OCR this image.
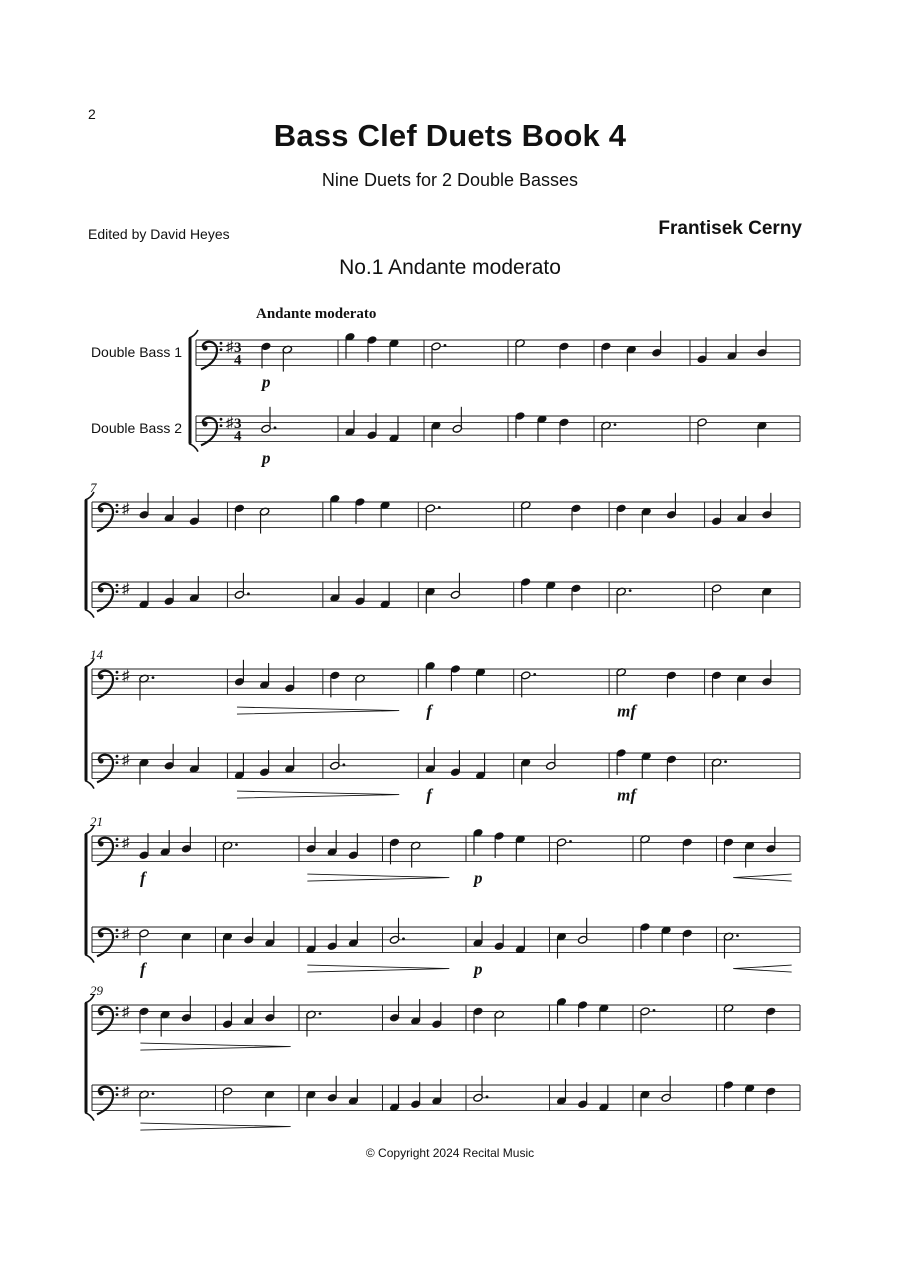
2
Bass Clef Duets Book 4
Nine Duets for 2 Double Basses
Edited by David Heyes	Frantisek Cerny
No.1 Andante moderato
♯ 3
4
♯ 3
4
p
p
♯
♯
7
♯
♯
f
f
mf
mf
14
♯
♯
f
f
p
p
21
♯
♯
29
Andante moderato
Double Bass 1
Double Bass 2
© Copyright 2024 Recital Music
